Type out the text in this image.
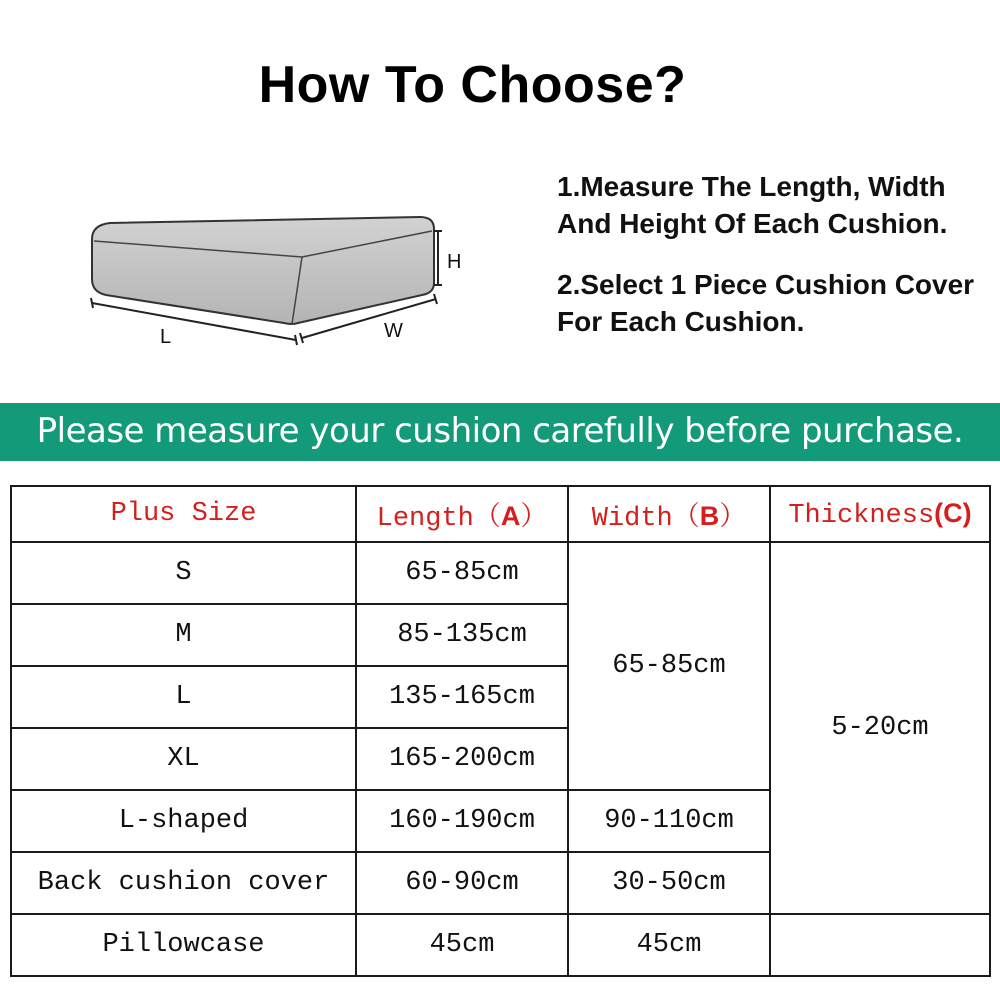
How To Choose?
H
L	W

1.Measure The Length, Width And Height Of Each Cushion.

2.Select 1 Piece Cushion Cover For Each Cushion.

Please measure your cushion carefully before purchase.
Plus Size	Length（A）	Width（B）	Thickness(C)
S	65-85cm	65-85cm	5-20cm
M	85-135cm		
L	135-165cm		
XL	165-200cm		
L-shaped	160-190cm	90-110cm	
Back cushion cover	60-90cm	30-50cm	
Pillowcase	45cm	45cm	
